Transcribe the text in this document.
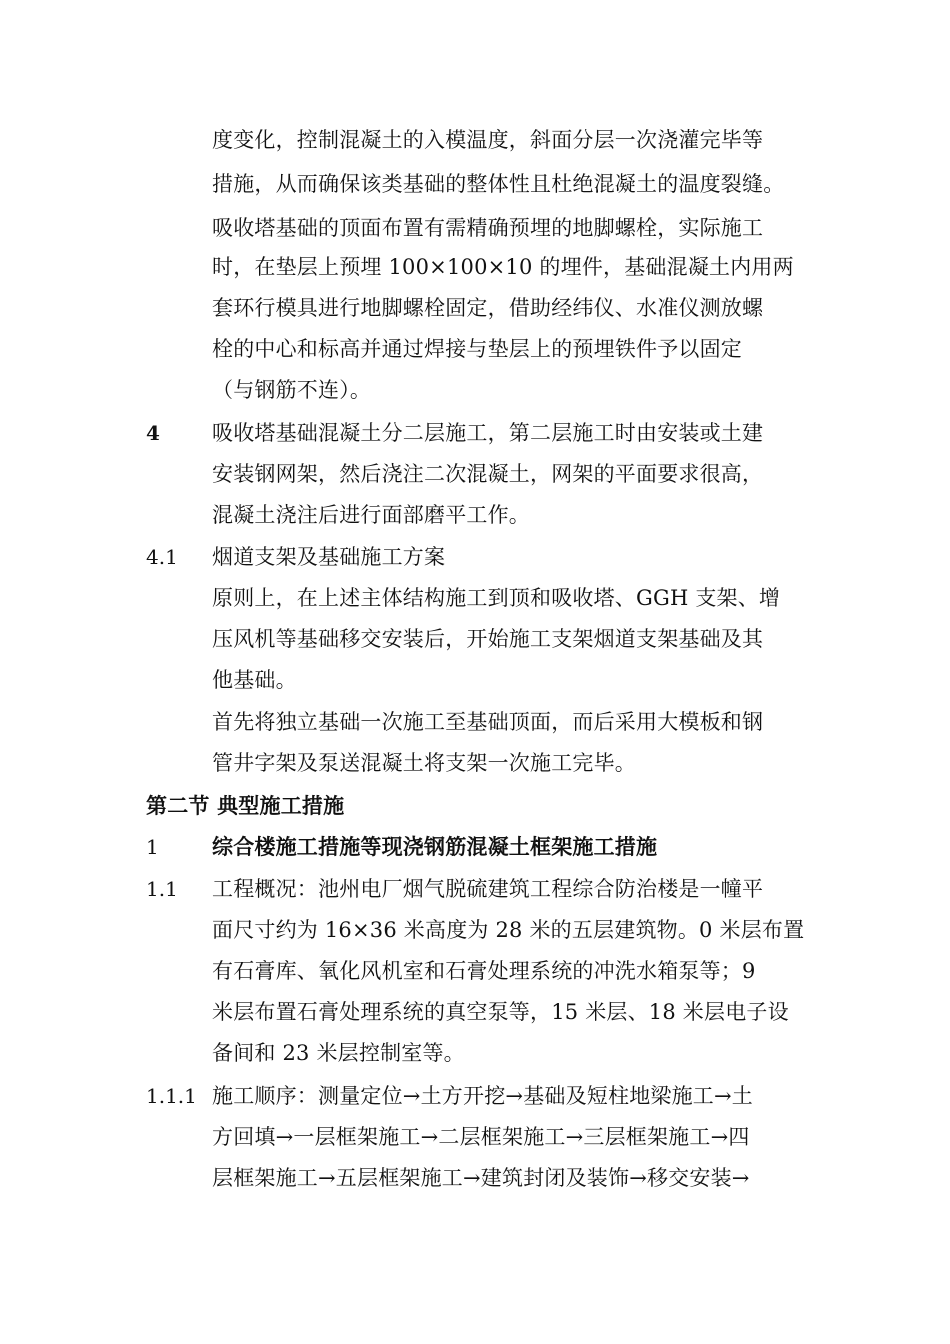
度变化，控制混凝土的入模温度，斜面分层一次浇灌完毕等
措施，从而确保该类基础的整体性且杜绝混凝土的温度裂缝。
吸收塔基础的顶面布置有需精确预埋的地脚螺栓，实际施工
时，在垫层上预埋 100×100×10 的埋件，基础混凝土内用两
套环行模具进行地脚螺栓固定，借助经纬仪、水准仪测放螺
栓的中心和标高并通过焊接与垫层上的预埋铁件予以固定
（与钢筋不连）。
4 吸收塔基础混凝土分二层施工，第二层施工时由安装或土建
安装钢网架，然后浇注二次混凝土，网架的平面要求很高，
混凝土浇注后进行面部磨平工作。
4.1 烟道支架及基础施工方案
原则上，在上述主体结构施工到顶和吸收塔、GGH 支架、增
压风机等基础移交安装后，开始施工支架烟道支架基础及其
他基础。
首先将独立基础一次施工至基础顶面，而后采用大模板和钢
管井字架及泵送混凝土将支架一次施工完毕。
第二节 典型施工措施
1	综合楼施工措施等现浇钢筋混凝土框架施工措施
1.1 工程概况：池州电厂烟气脱硫建筑工程综合防治楼是一幢平
面尺寸约为 16×36 米高度为 28 米的五层建筑物。0 米层布置
有石膏库、氧化风机室和石膏处理系统的冲洗水箱泵等；9
米层布置石膏处理系统的真空泵等，15 米层、18 米层电子设
备间和 23 米层控制室等。
1.1.1 施工顺序：测量定位→土方开挖→基础及短柱地梁施工→土
方回填→一层框架施工→二层框架施工→三层框架施工→四
层框架施工→五层框架施工→建筑封闭及装饰→移交安装→
